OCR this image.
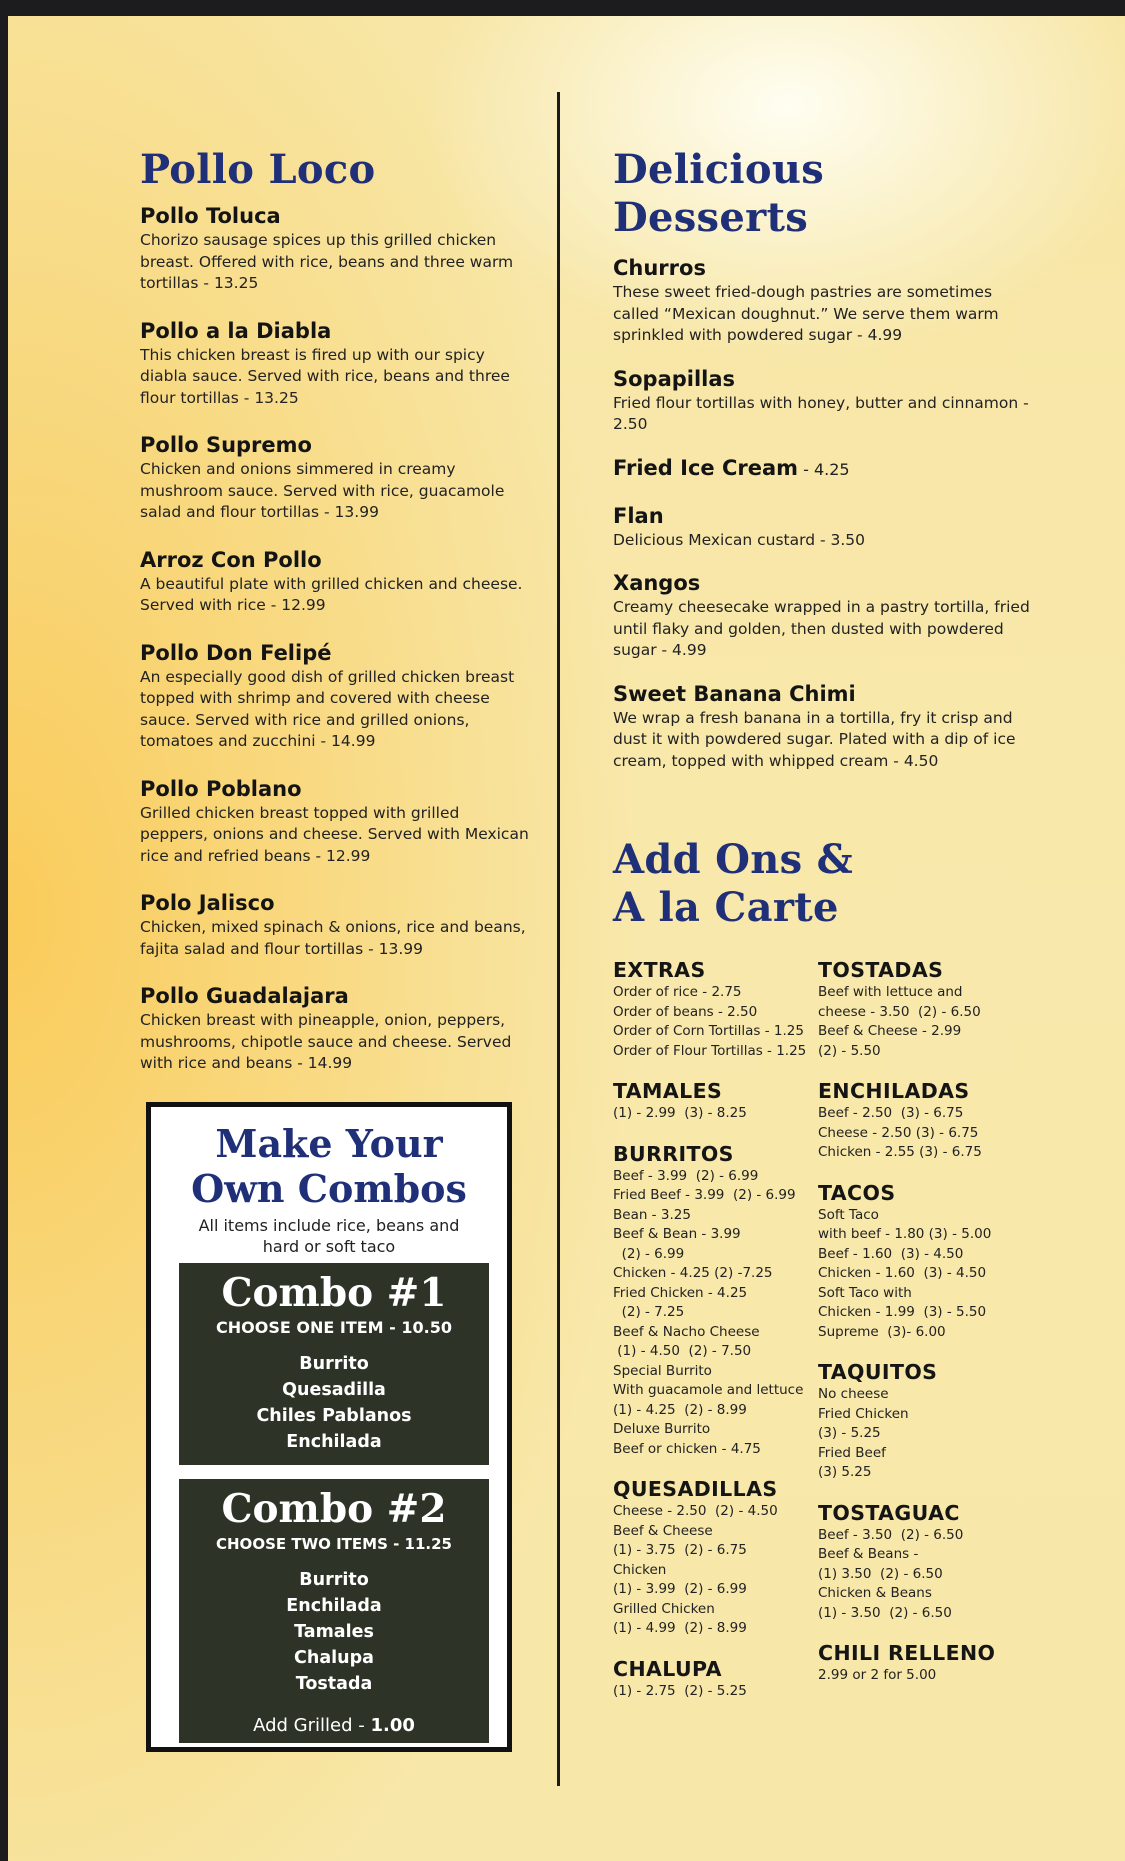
Pollo Loco
Pollo Toluca

Chorizo sausage spices up this grilled chicken breast. Offered with rice, beans and three warm tortillas - 13.25

Pollo a la Diabla

This chicken breast is fired up with our spicy diabla sauce. Served with rice, beans and three flour tortillas - 13.25

Pollo Supremo

Chicken and onions simmered in creamy mushroom sauce. Served with rice, guacamole salad and flour tortillas - 13.99

Arroz Con Pollo

A beautiful plate with grilled chicken and cheese. Served with rice - 12.99

Pollo Don Felipé

An especially good dish of grilled chicken breast topped with shrimp and covered with cheese sauce. Served with rice and grilled onions, tomatoes and zucchini - 14.99

Pollo Poblano

Grilled chicken breast topped with grilled peppers, onions and cheese. Served with Mexican rice and refried beans - 12.99

Polo Jalisco

Chicken, mixed spinach & onions, rice and beans, fajita salad and flour tortillas - 13.99

Pollo Guadalajara

Chicken breast with pineapple, onion, peppers, mushrooms, chipotle sauce and cheese. Served with rice and beans - 14.99

Make Your
Own Combos
All items include rice, beans and
hard or soft taco
Combo #1
CHOOSE ONE ITEM - 10.50
Burrito
Quesadilla
Chiles Pablanos
Enchilada
Combo #2
CHOOSE TWO ITEMS - 11.25
Burrito
Enchilada
Tamales
Chalupa
Tostada
Add Grilled - 1.00
Delicious
Desserts
Churros

These sweet fried-dough pastries are sometimes called “Mexican doughnut.” We serve them warm sprinkled with powdered sugar - 4.99

Sopapillas

Fried flour tortillas with honey, butter and cinnamon - 2.50

Fried Ice Cream - 4.25
Flan

Delicious Mexican custard - 3.50

Xangos

Creamy cheesecake wrapped in a pastry tortilla, fried until flaky and golden, then dusted with powdered sugar - 4.99

Sweet Banana Chimi

We wrap a fresh banana in a tortilla, fry it crisp and dust it with powdered sugar. Plated with a dip of ice cream, topped with whipped cream - 4.50

Add Ons &
A la Carte
EXTRAS
Order of rice - 2.75
Order of beans - 2.50
Order of Corn Tortillas - 1.25
Order of Flour Tortillas - 1.25
TAMALES
(1) - 2.99  (3) - 8.25
BURRITOS
Beef - 3.99  (2) - 6.99
Fried Beef - 3.99  (2) - 6.99
Bean - 3.25
Beef & Bean - 3.99
(2) - 6.99
Chicken - 4.25 (2) -7.25
Fried Chicken - 4.25
(2) - 7.25
Beef & Nacho Cheese
(1) - 4.50  (2) - 7.50
Special Burrito
With guacamole and lettuce
(1) - 4.25  (2) - 8.99
Deluxe Burrito
Beef or chicken - 4.75
QUESADILLAS
Cheese - 2.50  (2) - 4.50
Beef & Cheese
(1) - 3.75  (2) - 6.75
Chicken
(1) - 3.99  (2) - 6.99
Grilled Chicken
(1) - 4.99  (2) - 8.99
CHALUPA
(1) - 2.75  (2) - 5.25
TOSTADAS
Beef with lettuce and
cheese - 3.50  (2) - 6.50
Beef & Cheese - 2.99
(2) - 5.50
ENCHILADAS
Beef - 2.50  (3) - 6.75
Cheese - 2.50 (3) - 6.75
Chicken - 2.55 (3) - 6.75
TACOS
Soft Taco
with beef - 1.80 (3) - 5.00
Beef - 1.60  (3) - 4.50
Chicken - 1.60  (3) - 4.50
Soft Taco with
Chicken - 1.99  (3) - 5.50
Supreme  (3)- 6.00
TAQUITOS
No cheese
Fried Chicken
(3) - 5.25
Fried Beef
(3) 5.25
TOSTAGUAC
Beef - 3.50  (2) - 6.50
Beef & Beans -
(1) 3.50  (2) - 6.50
Chicken & Beans
(1) - 3.50  (2) - 6.50
CHILI RELLENO
2.99 or 2 for 5.00
